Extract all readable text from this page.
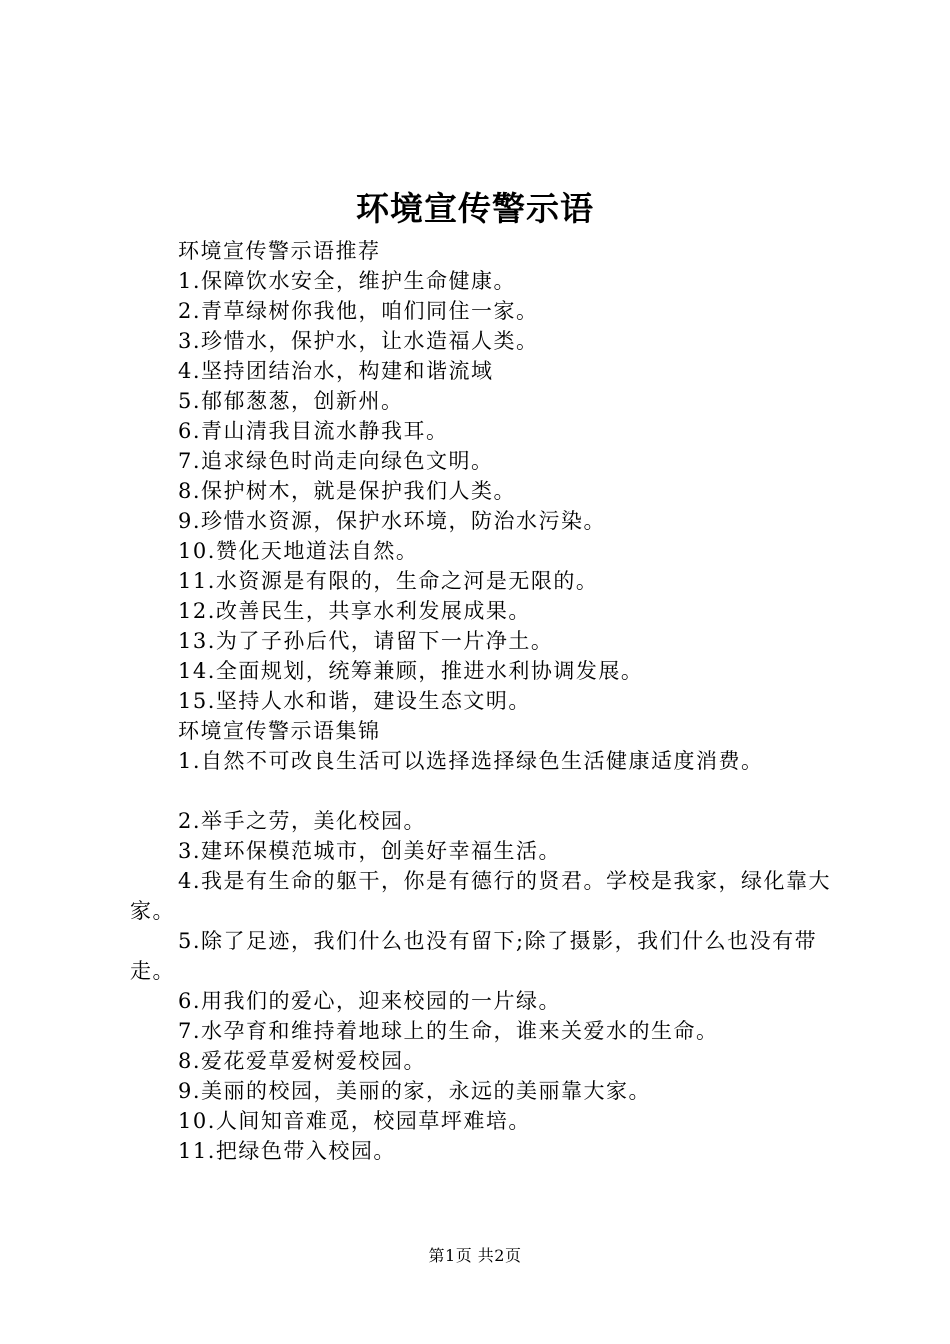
环境宣传警示语
环境宣传警示语推荐
1.保障饮水安全，维护生命健康。
2.青草绿树你我他，咱们同住一家。
3.珍惜水，保护水，让水造福人类。
4.坚持团结治水，构建和谐流域
5.郁郁葱葱，创新州。
6.青山清我目流水静我耳。
7.追求绿色时尚走向绿色文明。
8.保护树木，就是保护我们人类。
9.珍惜水资源，保护水环境，防治水污染。
10.赞化天地道法自然。
11.水资源是有限的，生命之河是无限的。
12.改善民生，共享水利发展成果。
13.为了子孙后代，请留下一片净土。
14.全面规划，统筹兼顾，推进水利协调发展。
15.坚持人水和谐，建设生态文明。
环境宣传警示语集锦
1.自然不可改良生活可以选择选择绿色生活健康适度消费。
2.举手之劳，美化校园。
3.建环保模范城市，创美好幸福生活。
4.我是有生命的躯干，你是有德行的贤君。学校是我家，绿化靠大家。
5.除了足迹，我们什么也没有留下;除了摄影，我们什么也没有带走。
6.用我们的爱心，迎来校园的一片绿。
7.水孕育和维持着地球上的生命，谁来关爱水的生命。
8.爱花爱草爱树爱校园。
9.美丽的校园，美丽的家，永远的美丽靠大家。
10.人间知音难觅，校园草坪难培。
11.把绿色带入校园。
第1页 共2页
